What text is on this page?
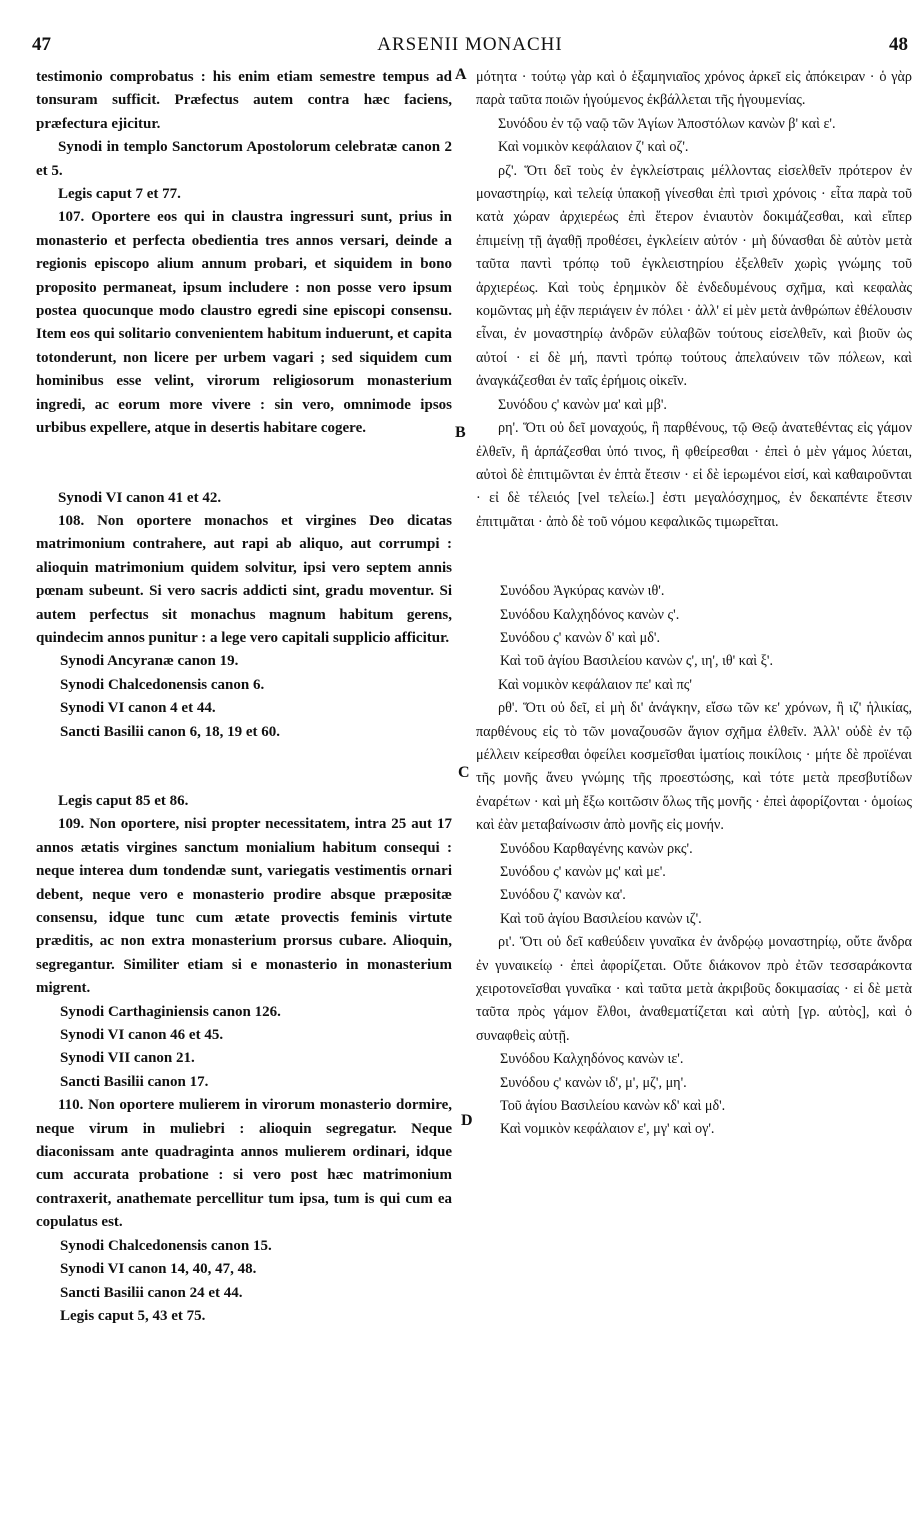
47	ARSENII MONACHI	48
A
B
C
D

testimonio comprobatus : his enim etiam semestre tempus ad tonsuram sufficit. Præfectus autem contra hæc faciens, præfectura ejicitur.

Synodi in templo Sanctorum Apostolorum celebratæ canon 2 et 5.

Legis caput 7 et 77.

107. Oportere eos qui in claustra ingressuri sunt, prius in monasterio et perfecta obedientia tres annos versari, deinde a regionis episcopo alium annum probari, et siquidem in bono proposito permaneat, ipsum includere : non posse vero ipsum postea quocunque modo claustro egredi sine episcopi consensu. Item eos qui solitario convenientem habitum induerunt, et capita totonderunt, non licere per urbem vagari ; sed siquidem cum hominibus esse velint, virorum religiosorum monasterium ingredi, ac eorum more vivere : sin vero, omnimode ipsos urbibus expellere, atque in desertis habitare cogere.

Synodi VI canon 41 et 42.

108. Non oportere monachos et virgines Deo dicatas matrimonium contrahere, aut rapi ab aliquo, aut corrumpi : alioquin matrimonium quidem solvitur, ipsi vero septem annis pœnam subeunt. Si vero sacris addicti sint, gradu moventur. Si autem perfectus sit monachus magnum habitum gerens, quindecim annos punitur : a lege vero capitali supplicio afficitur.

Synodi Ancyranæ canon 19.

Synodi Chalcedonensis canon 6.

Synodi VI canon 4 et 44.

Sancti Basilii canon 6, 18, 19 et 60.

Legis caput 85 et 86.

109. Non oportere, nisi propter necessitatem, intra 25 aut 17 annos ætatis virgines sanctum monialium habitum consequi : neque interea dum tondendæ sunt, variegatis vestimentis ornari debent, neque vero e monasterio prodire absque præpositæ consensu, idque tunc cum ætate provectis feminis virtute præditis, ac non extra monasterium prorsus cubare. Alioquin, segregantur. Similiter etiam si e monasterio in monasterium migrent.

Synodi Carthaginiensis canon 126.

Synodi VI canon 46 et 45.

Synodi VII canon 21.

Sancti Basilii canon 17.

110. Non oportere mulierem in virorum monasterio dormire, neque virum in muliebri : alioquin segregatur. Neque diaconissam ante quadraginta annos mulierem ordinari, idque cum accurata probatione : si vero post hæc matrimonium contraxerit, anathemate percellitur tum ipsa, tum is qui cum ea copulatus est.

Synodi Chalcedonensis canon 15.

Synodi VI canon 14, 40, 47, 48.

Sancti Basilii canon 24 et 44.

Legis caput 5, 43 et 75.

μότητα · τούτῳ γὰρ καὶ ὁ ἑξαμηνιαῖος χρόνος ἀρκεῖ εἰς ἀπόκειραν · ὁ γὰρ παρὰ ταῦτα ποιῶν ἡγούμενος ἐκβάλλεται τῆς ἡγουμενίας.

Συνόδου ἐν τῷ ναῷ τῶν Ἁγίων Ἀποστόλων κανὼν β' καὶ ε'.

Καὶ νομικὸν κεφάλαιον ζ' καὶ οζ'.

ρζ'. Ὅτι δεῖ τοὺς ἐν ἐγκλείστραις μέλλοντας εἰσελθεῖν πρότερον ἐν μοναστηρίῳ, καὶ τελείᾳ ὑπακοῇ γίνεσθαι ἐπὶ τρισὶ χρόνοις · εἶτα παρὰ τοῦ κατὰ χώραν ἀρχιερέως ἐπὶ ἕτερον ἐνιαυτὸν δοκιμάζεσθαι, καὶ εἴπερ ἐπιμείνῃ τῇ ἀγαθῇ προθέσει, ἐγκλείειν αὐτόν · μὴ δύνασθαι δὲ αὐτὸν μετὰ ταῦτα παντὶ τρόπῳ τοῦ ἐγκλειστηρίου ἐξελθεῖν χωρὶς γνώμης τοῦ ἀρχιερέως. Καὶ τοὺς ἐρημικὸν δὲ ἐνδεδυμένους σχῆμα, καὶ κεφαλὰς κομῶντας μὴ ἐᾷν περιάγειν ἐν πόλει · ἀλλ' εἰ μὲν μετὰ ἀνθρώπων ἐθέλουσιν εἶναι, ἐν μοναστηρίῳ ἀνδρῶν εὐλαβῶν τούτους εἰσελθεῖν, καὶ βιοῦν ὡς αὐτοί · εἰ δὲ μή, παντὶ τρόπῳ τούτους ἀπελαύνειν τῶν πόλεων, καὶ ἀναγκάζεσθαι ἐν ταῖς ἐρήμοις οἰκεῖν.

Συνόδου ς' κανὼν μα' καὶ μβ'.

ρη'. Ὅτι οὐ δεῖ μοναχούς, ἢ παρθένους, τῷ Θεῷ ἀνατεθέντας εἰς γάμον ἐλθεῖν, ἢ ἁρπάζεσθαι ὑπό τινος, ἢ φθείρεσθαι · ἐπεὶ ὁ μὲν γάμος λύεται, αὐτοὶ δὲ ἐπιτιμῶνται ἐν ἑπτὰ ἔτεσιν · εἰ δὲ ἱερωμένοι εἰσί, καὶ καθαιροῦνται · εἰ δὲ τέλειός [vel τελείω.] ἐστι μεγαλόσχημος, ἐν δεκαπέντε ἔτεσιν ἐπιτιμᾶται · ἀπὸ δὲ τοῦ νόμου κεφαλικῶς τιμωρεῖται.

Συνόδου Ἀγκύρας κανὼν ιθ'.

Συνόδου Καλχηδόνος κανὼν ς'.

Συνόδου ς' κανὼν δ' καὶ μδ'.

Καὶ τοῦ ἁγίου Βασιλείου κανὼν ς', ιη', ιθ' καὶ ξ'.

Καὶ νομικὸν κεφάλαιον πε' καὶ πς'

ρθ'. Ὅτι οὐ δεῖ, εἰ μὴ δι' ἀνάγκην, εἴσω τῶν κε' χρόνων, ἢ ιζ' ἡλικίας, παρθένους εἰς τὸ τῶν μοναζουσῶν ἅγιον σχῆμα ἐλθεῖν. Ἀλλ' οὐδὲ ἐν τῷ μέλλειν κείρεσθαι ὀφείλει κοσμεῖσθαι ἱματίοις ποικίλοις · μήτε δὲ προϊέναι τῆς μονῆς ἄνευ γνώμης τῆς προεστώσης, καὶ τότε μετὰ πρεσβυτίδων ἐναρέτων · καὶ μὴ ἔξω κοιτῶσιν ὅλως τῆς μονῆς · ἐπεὶ ἀφορίζονται · ὁμοίως καὶ ἐὰν μεταβαίνωσιν ἀπὸ μονῆς εἰς μονήν.

Συνόδου Καρθαγένης κανὼν ρκς'.

Συνόδου ς' κανὼν μς' καὶ με'.

Συνόδου ζ' κανὼν κα'.

Καὶ τοῦ ἁγίου Βασιλείου κανὼν ιζ'.

ρι'. Ὅτι οὐ δεῖ καθεύδειν γυναῖκα ἐν ἀνδρῴῳ μοναστηρίῳ, οὔτε ἄνδρα ἐν γυναικείῳ · ἐπεὶ ἀφορίζεται. Οὔτε διάκονον πρὸ ἐτῶν τεσσαράκοντα χειροτονεῖσθαι γυναῖκα · καὶ ταῦτα μετὰ ἀκριβοῦς δοκιμασίας · εἰ δὲ μετὰ ταῦτα πρὸς γάμον ἔλθοι, ἀναθεματίζεται καὶ αὐτὴ [γρ. αὐτὸς], καὶ ὁ συναφθεὶς αὐτῇ.

Συνόδου Καλχηδόνος κανὼν ιε'.

Συνόδου ς' κανὼν ιδ', μ', μζ', μη'.

Τοῦ ἁγίου Βασιλείου κανὼν κδ' καὶ μδ'.

Καὶ νομικὸν κεφάλαιον ε', μγ' καὶ ογ'.
